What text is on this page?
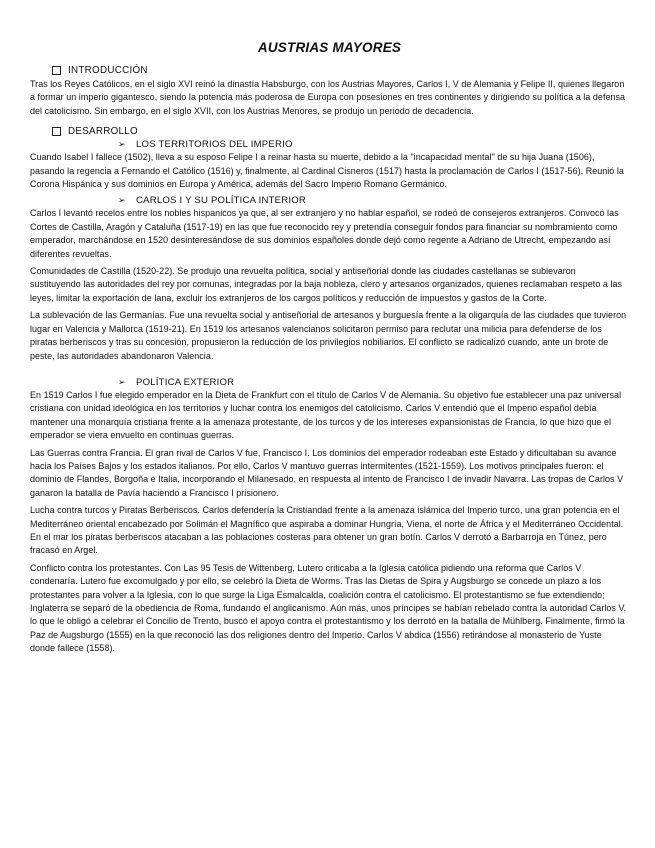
AUSTRIAS MAYORES
INTRODUCCIÓN

Tras los Reyes Católicos, en el siglo XVI reinó la dinastía Habsburgo, con los Austrias Mayores, Carlos I, V de Alemania y Felipe II, quienes llegaron a formar un imperio gigantesco, siendo la potencia más poderosa de Europa con posesiones en tres continentes y dirigiendo su política a la defensa del catolicismo. Sin embargo, en el siglo XVII, con los Austrias Menores, se produjo un periodo de decadencia.

DESARROLLO
➢	LOS TERRITORIOS DEL IMPERIO

Cuando Isabel I fallece (1502), lleva a su esposo Felipe I a reinar hasta su muerte, debido a la "incapacidad mental" de su hija Juana (1506), pasando la regencia a Fernando el Católico (1516) y, finalmente, al Cardinal Cisneros (1517) hasta la proclamación de Carlos I (1517-56). Reunió la Corona Hispánica y sus dominios en Europa y América, además del Sacro Imperio Romano Germánico.

➢	CARLOS I Y SU POLÍTICA INTERIOR

Carlos I levantó recelos entre los nobles hispanicos ya que, al ser extranjero y no hablar español, se rodeó de consejeros extranjeros. Convocó las Cortes de Castilla, Aragón y Cataluña (1517-19) en las que fue reconocido rey y pretendía conseguir fondos para financiar su nombramiento como emperador, marchándose en 1520 desinteresándose de sus dominios españoles donde dejó como regente a Adriano de Utrecht, empezando así diferentes revueltas.

Comunidades de Castilla (1520-22). Se produjo una revuelta política, social y antiseñorial donde las ciudades castellanas se sublevaron sustituyendo las autoridades del rey por comunas, integradas por la baja nobleza, clero y artesanos organizados, quienes reclamaban respeto a las leyes, limitar la exportación de lana, excluir los extranjeros de los cargos políticos y reducción de impuestos y gastos de la Corte.

La sublevación de las Germanías. Fue una revuelta social y antiseñorial de artesanos y burguesía frente a la oligarquía de las ciudades que tuvieron lugar en Valencia y Mallorca (1519-21). En 1519 los artesanos valencianos solicitaron permiso para reclutar una milicia para defenderse de los piratas berberiscos y tras su concesión, propusieron la reducción de los privilegios nobiliarios. El conflicto se radicalizó cuando, ante un brote de peste, las autoridades abandonaron Valencia.

➢	POLÍTICA EXTERIOR

En 1519 Carlos I fue elegido emperador en la Dieta de Frankfurt con el título de Carlos V de Alemania. Su objetivo fue establecer una paz universal cristiana con unidad ideológica en los territorios y luchar contra los enemigos del catolicismo. Carlos V entendió que el Imperio español debía mantener una monarquía cristiana frente a la amenaza protestante, de los turcos y de los intereses expansionistas de Francia, lo que hizo que el emperador se viera envuelto en continuas guerras.

Las Guerras contra Francia. El gran rival de Carlos V fue, Francisco I. Los dominios del emperador rodeaban este Estado y dificultaban su avance hacia los Países Bajos y los estados italianos. Por ello, Carlos V mantuvo guerras intermitentes (1521-1559). Los motivos principales fueron: el dominio de Flandes, Borgoña e Italia, incorporando el Milanesado, en respuesta al intento de Francisco I de invadir Navarra. Las tropas de Carlos V ganaron la batalla de Pavía haciendo a Francisco I prisionero.

Lucha contra turcos y Piratas Berberiscos. Carlos defendería la Cristiandad frente a la amenaza islámica del Imperio turco, una gran potencia en el Mediterráneo oriental encabezado por Solimán el Magnífico que aspiraba a dominar Hungría, Viena, el norte de África y el Mediterráneo Occidental. En el mar los piratas berberiscos atacaban a las poblaciones costeras para obtener un gran botín. Carlos V derrotó a Barbarroja en Túnez, pero fracasó en Argel.

Conflicto contra los protestantes. Con Las 95 Tesis de Wittenberg, Lutero criticaba a la Iglesia católica pidiendo una reforma que Carlos V condenaría. Lutero fue excomulgado y por ello, se celebró la Dieta de Worms. Tras las Dietas de Spira y Augsburgo se concede un plazo a los protestantes para volver a la Iglesia, con lo que surge la Liga Esmalcalda, coalición contra el catolicismo. El protestantismo se fue extendiendo; Inglaterra se separó de la obediencia de Roma, fundando el anglicanismo. Aún más, unos príncipes se habían rebelado contra la autoridad Carlos V, lo que le obligó a celebrar el Concilio de Trento, buscó el apoyo contra el protestantismo y los derrotó en la batalla de Mühlberg. Finalmente, firmó la Paz de Augsburgo (1555) en la que reconoció las dos religiones dentro del Imperio. Carlos V abdica (1556) retirándose al monasterio de Yuste donde fallece (1558).
